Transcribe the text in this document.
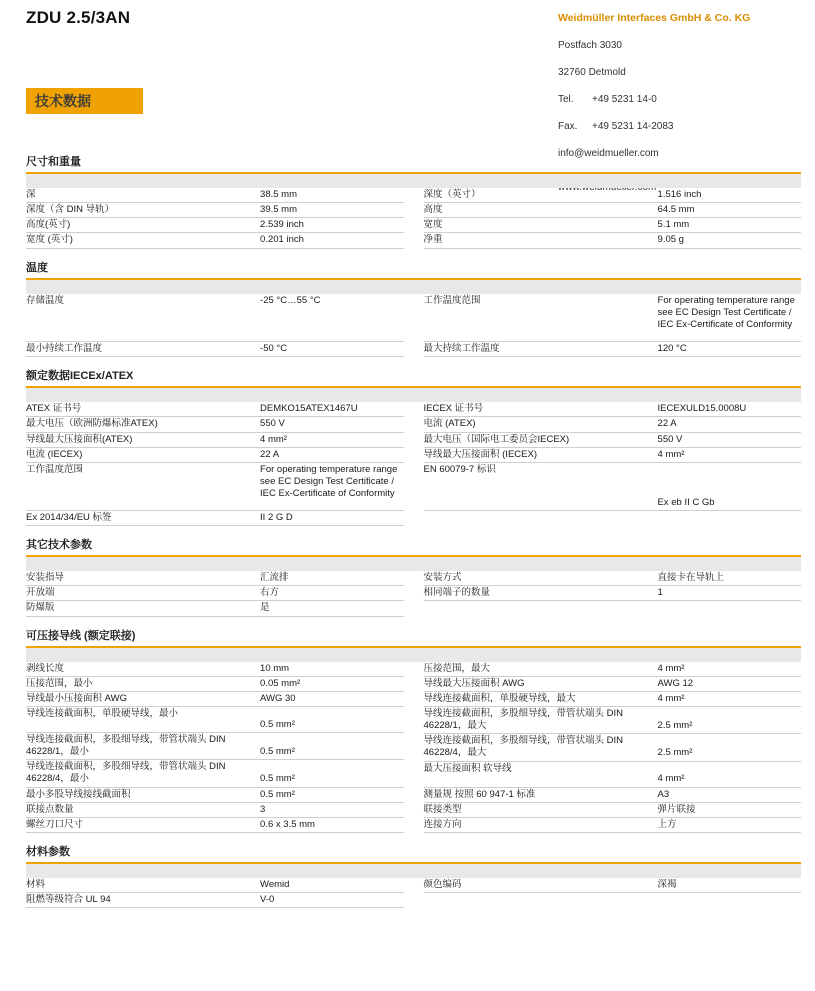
ZDU 2.5/3AN	Weidmüller Interfaces GmbH & Co. KG
Postfach 3030
32760 Detmold
Tel. +49 5231 14-0
Fax. +49 5231 14-2083
info@weidmueller.com
技术数据
尺寸和重量
深	38.5 mm
深度（含 DIN 导轨）	39.5 mm
高度(英寸)	2.539 inch
宽度 (英寸)	0.201 inch
深度（英寸）	1.516 inch
高度	64.5 mm
宽度	5.1 mm
净重	9.05 g
温度
存储温度	-25 °C…55 °C
最小持续工作温度	-50 °C
工作温度范围	For operating temperature range see EC Design Test Certificate / IEC Ex-Certificate of Conformity
最大持续工作温度	120 °C
额定数据IECEx/ATEX
ATEX 证书号	DEMKO15ATEX1467U
最大电压（欧洲防爆标准ATEX)	550 V
导线最大压接面积(ATEX)	4 mm²
电流 (IECEX)	22 A
工作温度范围	For operating temperature range see EC Design Test Certificate / IEC Ex-Certificate of Conformity
Ex 2014/34/EU 标签	II 2 G D
IECEX 证书号	IECEXULD15.0008U
电流 (ATEX)	22 A
最大电压（国际电工委员会IECEX)	550 V
导线最大压接面积 (IECEX)	4 mm²
EN 60079-7 标识	Ex eb II C Gb
其它技术参数
安装指导	汇流排
开放端	右方
防爆版	是
安装方式	直接卡在导轨上
相同端子的数量	1
可压接导线 (额定联接)
剥线长度	10 mm
压接范围，最小	0.05 mm²
导线最小压接面积 AWG	AWG 30
导线连接截面积，单股硬导线，最小	0.5 mm²
导线连接截面积，多股细导线，带管状端头 DIN 46228/1，最小	0.5 mm²
导线连接截面积，多股细导线，带管状端头 DIN 46228/4，最小	0.5 mm²
最小多股导线接线截面积	0.5 mm²
联接点数量	3
螺丝刀口尺寸	0.6 x 3.5 mm
压接范围，最大	4 mm²
导线最大压接面积 AWG	AWG 12
导线连接截面积，单股硬导线，最大	4 mm²
导线连接截面积，多股细导线，带管状端头 DIN 46228/1，最大	2.5 mm²
导线连接截面积，多股细导线，带管状端头 DIN 46228/4，最大	2.5 mm²
最大压接面积 软导线	4 mm²
测量规 按照 60 947-1 标准	A3
联接类型	弹片联接
连接方向	上方
材料参数
材料	Wemid
阻燃等级符合 UL 94	V-0
颜色编码	深褐
